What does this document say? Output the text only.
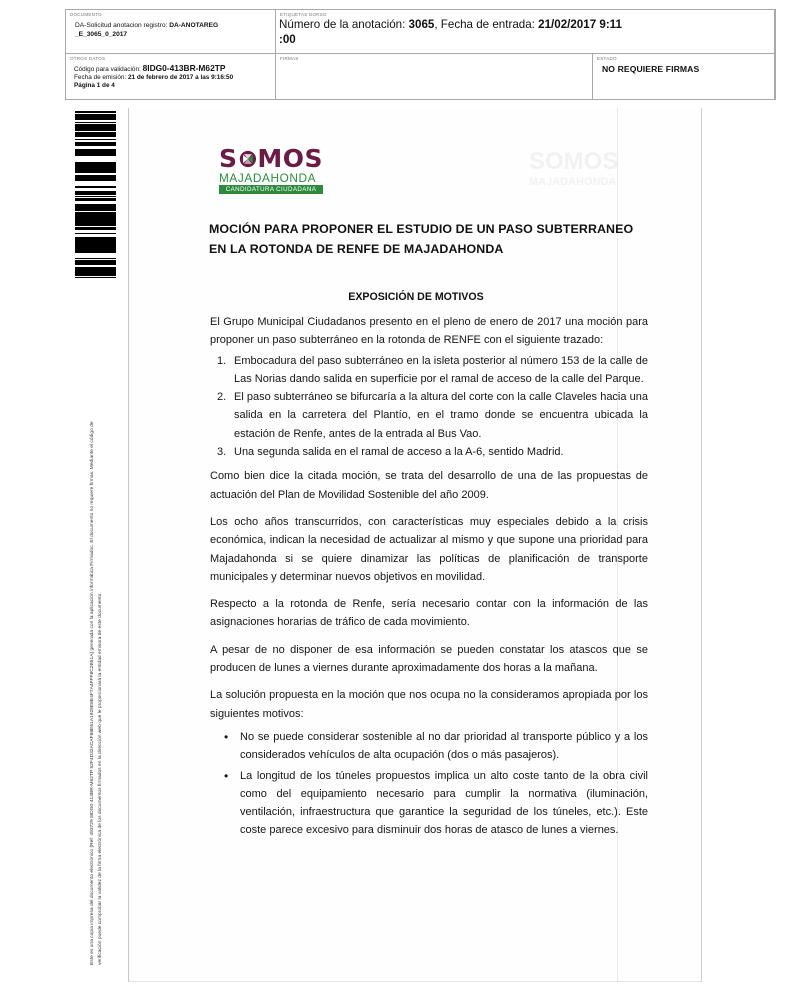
DOCUMENTO
DA-Solicitud anotacion registro: DA-ANOTAREG
_E_3065_0_2017
ETIQUETAS DORSO
Número de la anotación: 3065, Fecha de entrada: 21/02/2017 9:11
:00
OTROS DATOS
Código para validación: 8IDG0-413BR-M62TP
Fecha de emisión: 21 de febrero de 2017 a las 9:16:50
Página 1 de 4
FIRMAS	ESTADO
NO REQUIERE FIRMAS
Este es una copia impresa del documento electrónico (Ref: 493729 8IDG0-413BR-M62TP 52F4D32ACAF88E61A1925E8E4F7A4FFF8C2B51A) generada con la aplicación informática Firmadoc. El documento no requiere firmas. Mediante el código de verificación puede comprobar la validez de la firma electrónica de los documentos firmados en la dirección web que le proporcionará la entidad emisora de este documento.
SOMOS
MAJADAHONDA
S MOS
MAJADAHONDA
CANDIDATURA CIUDADANA
MOCIÓN PARA PROPONER EL ESTUDIO DE UN PASO SUBTERRANEO EN LA ROTONDA DE RENFE DE MAJADAHONDA
EXPOSICIÓN DE MOTIVOS

El Grupo Municipal Ciudadanos presento en el pleno de enero de 2017 una moción para proponer un paso subterráneo en la rotonda de RENFE con el siguiente trazado:

1. Embocadura del paso subterráneo en la isleta posterior al número 153 de la calle de Las Norias dando salida en superficie por el ramal de acceso de la calle del Parque.
2. El paso subterráneo se bifurcaría a la altura del corte con la calle Claveles hacia una salida en la carretera del Plantío, en el tramo donde se encuentra ubicada la estación de Renfe, antes de la entrada al Bus Vao.
3. Una segunda salida en el ramal de acceso a la A-6, sentido Madrid.

Como bien dice la citada moción, se trata del desarrollo de una de las propuestas de actuación del Plan de Movilidad Sostenible del año 2009.

Los ocho años transcurridos, con características muy especiales debido a la crisis económica, indican la necesidad de actualizar al mismo y que supone una prioridad para Majadahonda si se quiere dinamizar las políticas de planificación de transporte municipales y determinar nuevos objetivos en movilidad.

Respecto a la rotonda de Renfe, sería necesario contar con la información de las asignaciones horarias de tráfico de cada movimiento.

A pesar de no disponer de esa información se pueden constatar los atascos que se producen de lunes a viernes durante aproximadamente dos horas a la mañana.

La solución propuesta en la moción que nos ocupa no la consideramos apropiada por los siguientes motivos:

• No se puede considerar sostenible al no dar prioridad al transporte público y a los considerados vehículos de alta ocupación (dos o más pasajeros).
• La longitud de los túneles propuestos implica un alto coste tanto de la obra civil como del equipamiento necesario para cumplir la normativa (iluminación, ventilación, infraestructura que garantice la seguridad de los túneles, etc.). Este coste parece excesivo para disminuir dos horas de atasco de lunes a viernes.
